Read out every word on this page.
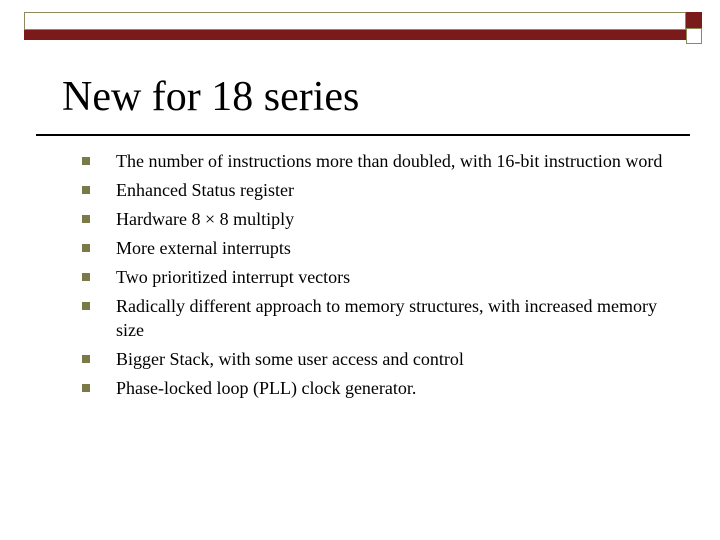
New for 18 series
The number of instructions more than doubled, with 16-bit instruction word
Enhanced Status register
Hardware 8 × 8 multiply
More external interrupts
Two prioritized interrupt vectors
Radically different approach to memory structures, with increased memory size
Bigger Stack, with some user access and control
Phase-locked loop (PLL) clock generator.
